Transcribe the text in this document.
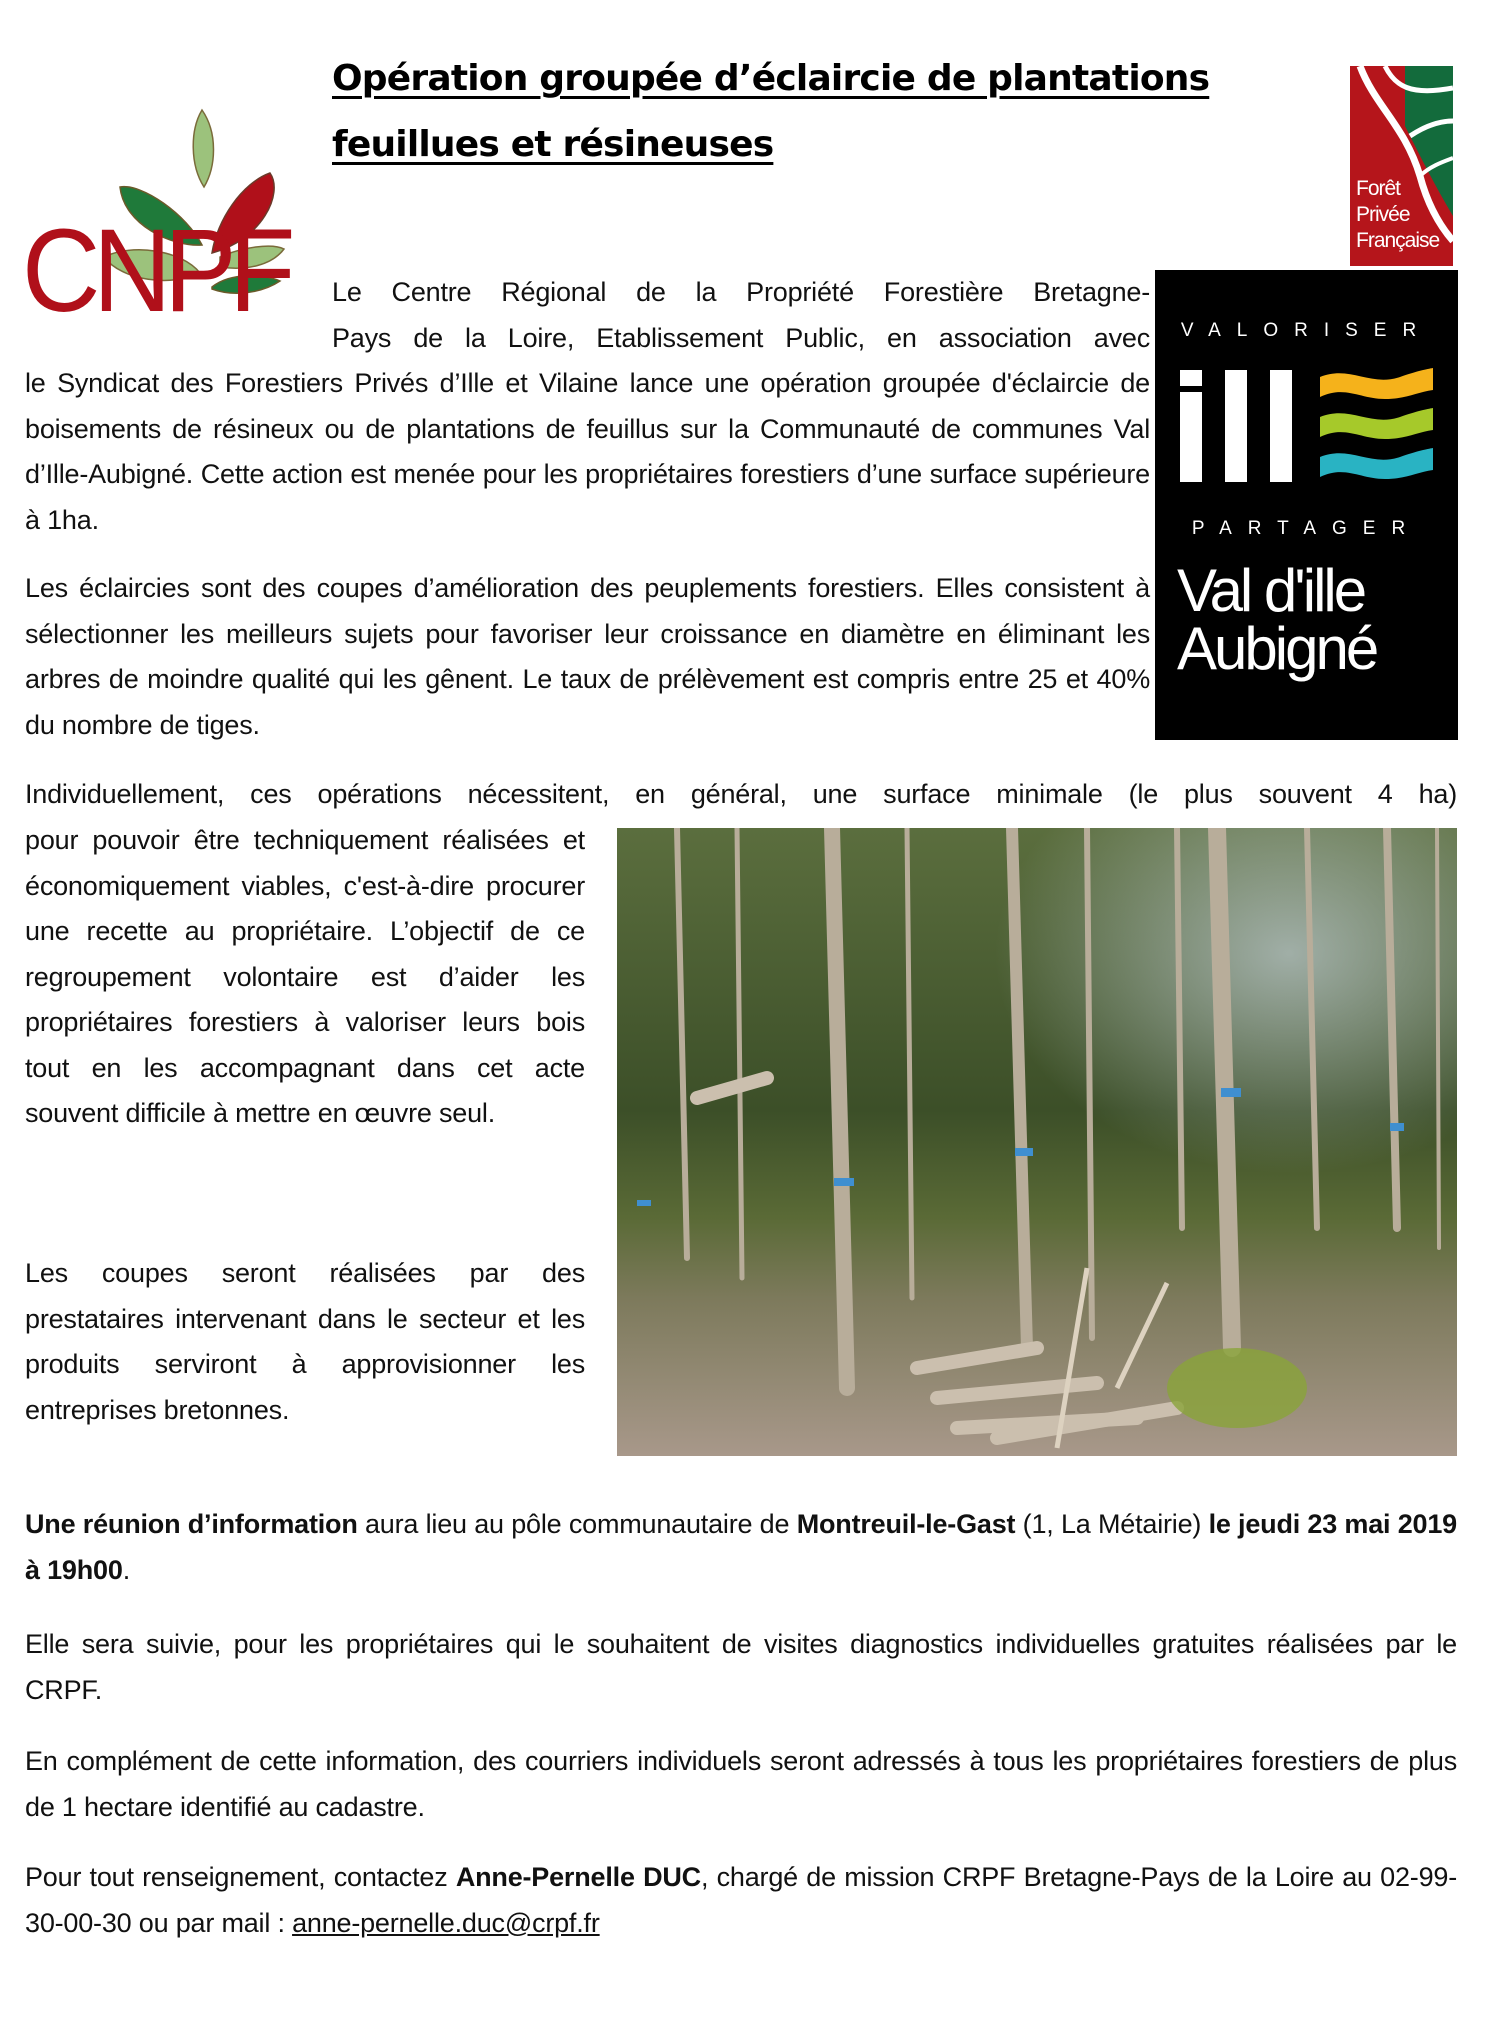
CNPF
Opération groupée d’éclaircie de plantations
feuillues et résineuses
Forêt
Privée
Française
VALORISER
PARTAGER
Val d'ille
Aubigné

Le Centre Régional de la Propriété Forestière Bretagne-
Pays de la Loire, Etablissement Public, en association avec

le Syndicat des Forestiers Privés d’Ille et Vilaine lance une opération groupée d'éclaircie de boisements de résineux ou de plantations de feuillus sur la Communauté de communes Val d’Ille-Aubigné. Cette action est menée pour les propriétaires forestiers d’une surface supérieure à 1ha.

Les éclaircies sont des coupes d’amélioration des peuplements forestiers. Elles consistent à sélectionner les meilleurs sujets pour favoriser leur croissance en diamètre en éliminant les arbres de moindre qualité qui les gênent. Le taux de prélèvement est compris entre 25 et 40% du nombre de tiges.

Individuellement, ces opérations nécessitent, en général, une surface minimale (le plus souvent 4 ha)

pour pouvoir être techniquement réalisées et économiquement viables, c'est-à-dire procurer une recette au propriétaire. L’objectif de ce regroupement volontaire est d’aider les propriétaires forestiers à valoriser leurs bois tout en les accompagnant dans cet acte souvent difficile à mettre en œuvre seul.

Les coupes seront réalisées par des prestataires intervenant dans le secteur et les produits serviront à approvisionner les entreprises bretonnes.

Une réunion d’information aura lieu au pôle communautaire de Montreuil-le-Gast (1, La Métairie) le jeudi 23 mai 2019 à 19h00.

Elle sera suivie, pour les propriétaires qui le souhaitent de visites diagnostics individuelles gratuites réalisées par le CRPF.

En complément de cette information, des courriers individuels seront adressés à tous les propriétaires forestiers de plus de 1 hectare identifié au cadastre.

Pour tout renseignement, contactez Anne-Pernelle DUC, chargé de mission CRPF Bretagne-Pays de la Loire au 02-99-30-00-30 ou par mail : anne-pernelle.duc@crpf.fr
